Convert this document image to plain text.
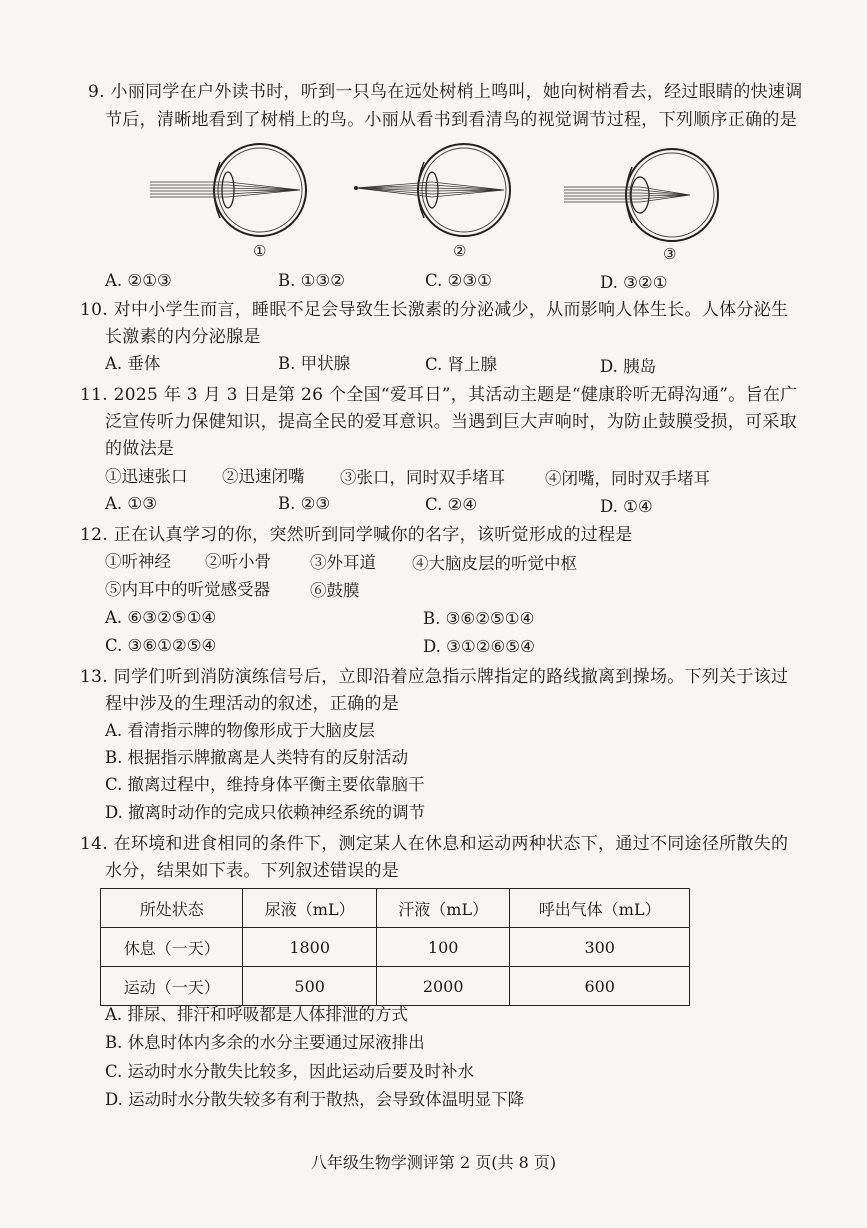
9. 小丽同学在户外读书时，听到一只鸟在远处树梢上鸣叫，她向树梢看去，经过眼睛的快速调
节后，清晰地看到了树梢上的鸟。小丽从看书到看清鸟的视觉调节过程，下列顺序正确的是
①	②	③
A. ②①③	B. ①③②	C. ②③①	D. ③②①
10. 对中小学生而言，睡眠不足会导致生长激素的分泌减少，从而影响人体生长。人体分泌生
长激素的内分泌腺是
A. 垂体	B. 甲状腺	C. 肾上腺	D. 胰岛
11. 2025 年 3 月 3 日是第 26 个全国“爱耳日”，其活动主题是“健康聆听无碍沟通”。旨在广
泛宣传听力保健知识，提高全民的爱耳意识。当遇到巨大声响时，为防止鼓膜受损，可采取
的做法是
①迅速张口 ②迅速闭嘴 ③张口，同时双手堵耳 ④闭嘴，同时双手堵耳
A. ①③	B. ②③	C. ②④	D. ①④
12. 正在认真学习的你，突然听到同学喊你的名字，该听觉形成的过程是
①听神经 ②听小骨 ③外耳道 ④大脑皮层的听觉中枢
⑤内耳中的听觉感受器 ⑥鼓膜
A. ⑥③②⑤①④	B. ③⑥②⑤①④
C. ③⑥①②⑤④	D. ③①②⑥⑤④
13. 同学们听到消防演练信号后，立即沿着应急指示牌指定的路线撤离到操场。下列关于该过
程中涉及的生理活动的叙述，正确的是
A. 看清指示牌的物像形成于大脑皮层
B. 根据指示牌撤离是人类特有的反射活动
C. 撤离过程中，维持身体平衡主要依靠脑干
D. 撤离时动作的完成只依赖神经系统的调节
14. 在环境和进食相同的条件下，测定某人在休息和运动两种状态下，通过不同途径所散失的
水分，结果如下表。下列叙述错误的是
所处状态	尿液（mL）	汗液（mL）	呼出气体（mL）
休息（一天）	1800	100	300
运动（一天）	500	2000	600
A. 排尿、排汗和呼吸都是人体排泄的方式
B. 休息时体内多余的水分主要通过尿液排出
C. 运动时水分散失比较多，因此运动后要及时补水
D. 运动时水分散失较多有利于散热，会导致体温明显下降
八年级生物学测评第 2 页(共 8 页)
